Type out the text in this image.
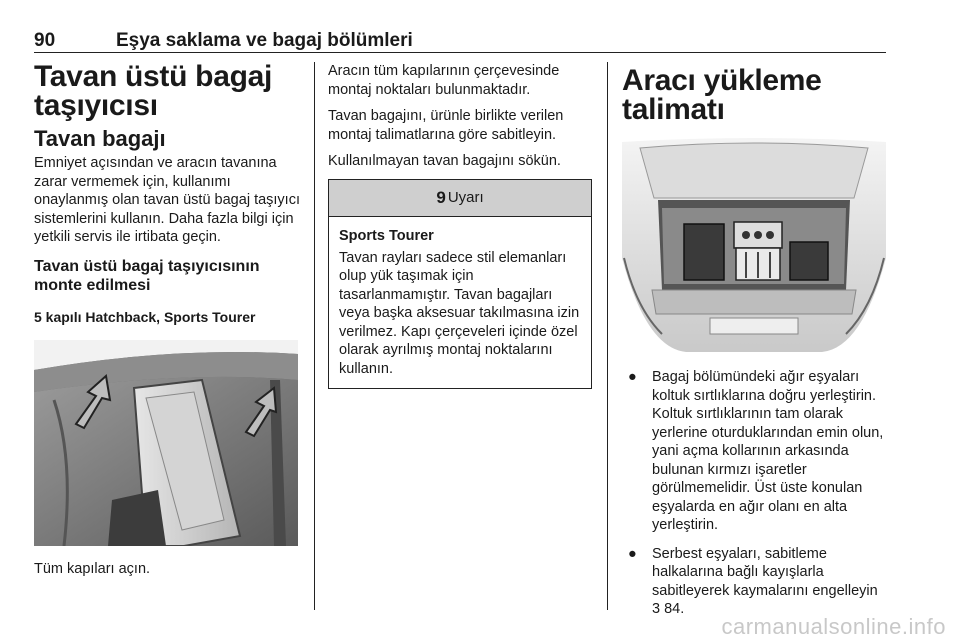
90	Eşya saklama ve bagaj bölümleri
Tavan üstü bagaj taşıyıcısı
Tavan bagajı

Emniyet açısından ve aracın tavanına zarar vermemek için, kullanımı onaylanmış olan tavan üstü bagaj taşıyıcı sistemlerini kullanın. Daha fazla bilgi için yetkili servis ile irtibata geçin.

Tavan üstü bagaj taşıyıcısının monte edilmesi
5 kapılı Hatchback, Sports Tourer

Tüm kapıları açın.

Aracın tüm kapılarının çerçevesinde montaj noktaları bulunmaktadır.

Tavan bagajını, ürünle birlikte verilen montaj talimatlarına göre sabitleyin.

Kullanılmayan tavan bagajını sökün.

9 Uyarı
Sports Tourer

Tavan rayları sadece stil elemanları olup yük taşımak için tasarlanmamıştır. Tavan bagajları veya başka aksesuar takılmasına izin verilmez. Kapı çerçeveleri içinde özel olarak ayrılmış montaj noktalarını kullanın.

Aracı yükleme talimatı
● Bagaj bölümündeki ağır eşyaları koltuk sırtlıklarına doğru yerleştirin. Koltuk sırtlıklarının tam olarak yerlerine oturduklarından emin olun, yani açma kollarının arkasında bulunan kırmızı işaretler görülmemelidir. Üst üste konulan eşyalarda en ağır olanı en alta yerleştirin.
● Serbest eşyaları, sabitleme halkalarına bağlı kayışlarla sabitleyerek kaymalarını engelleyin 3 84.
carmanualsonline.info
